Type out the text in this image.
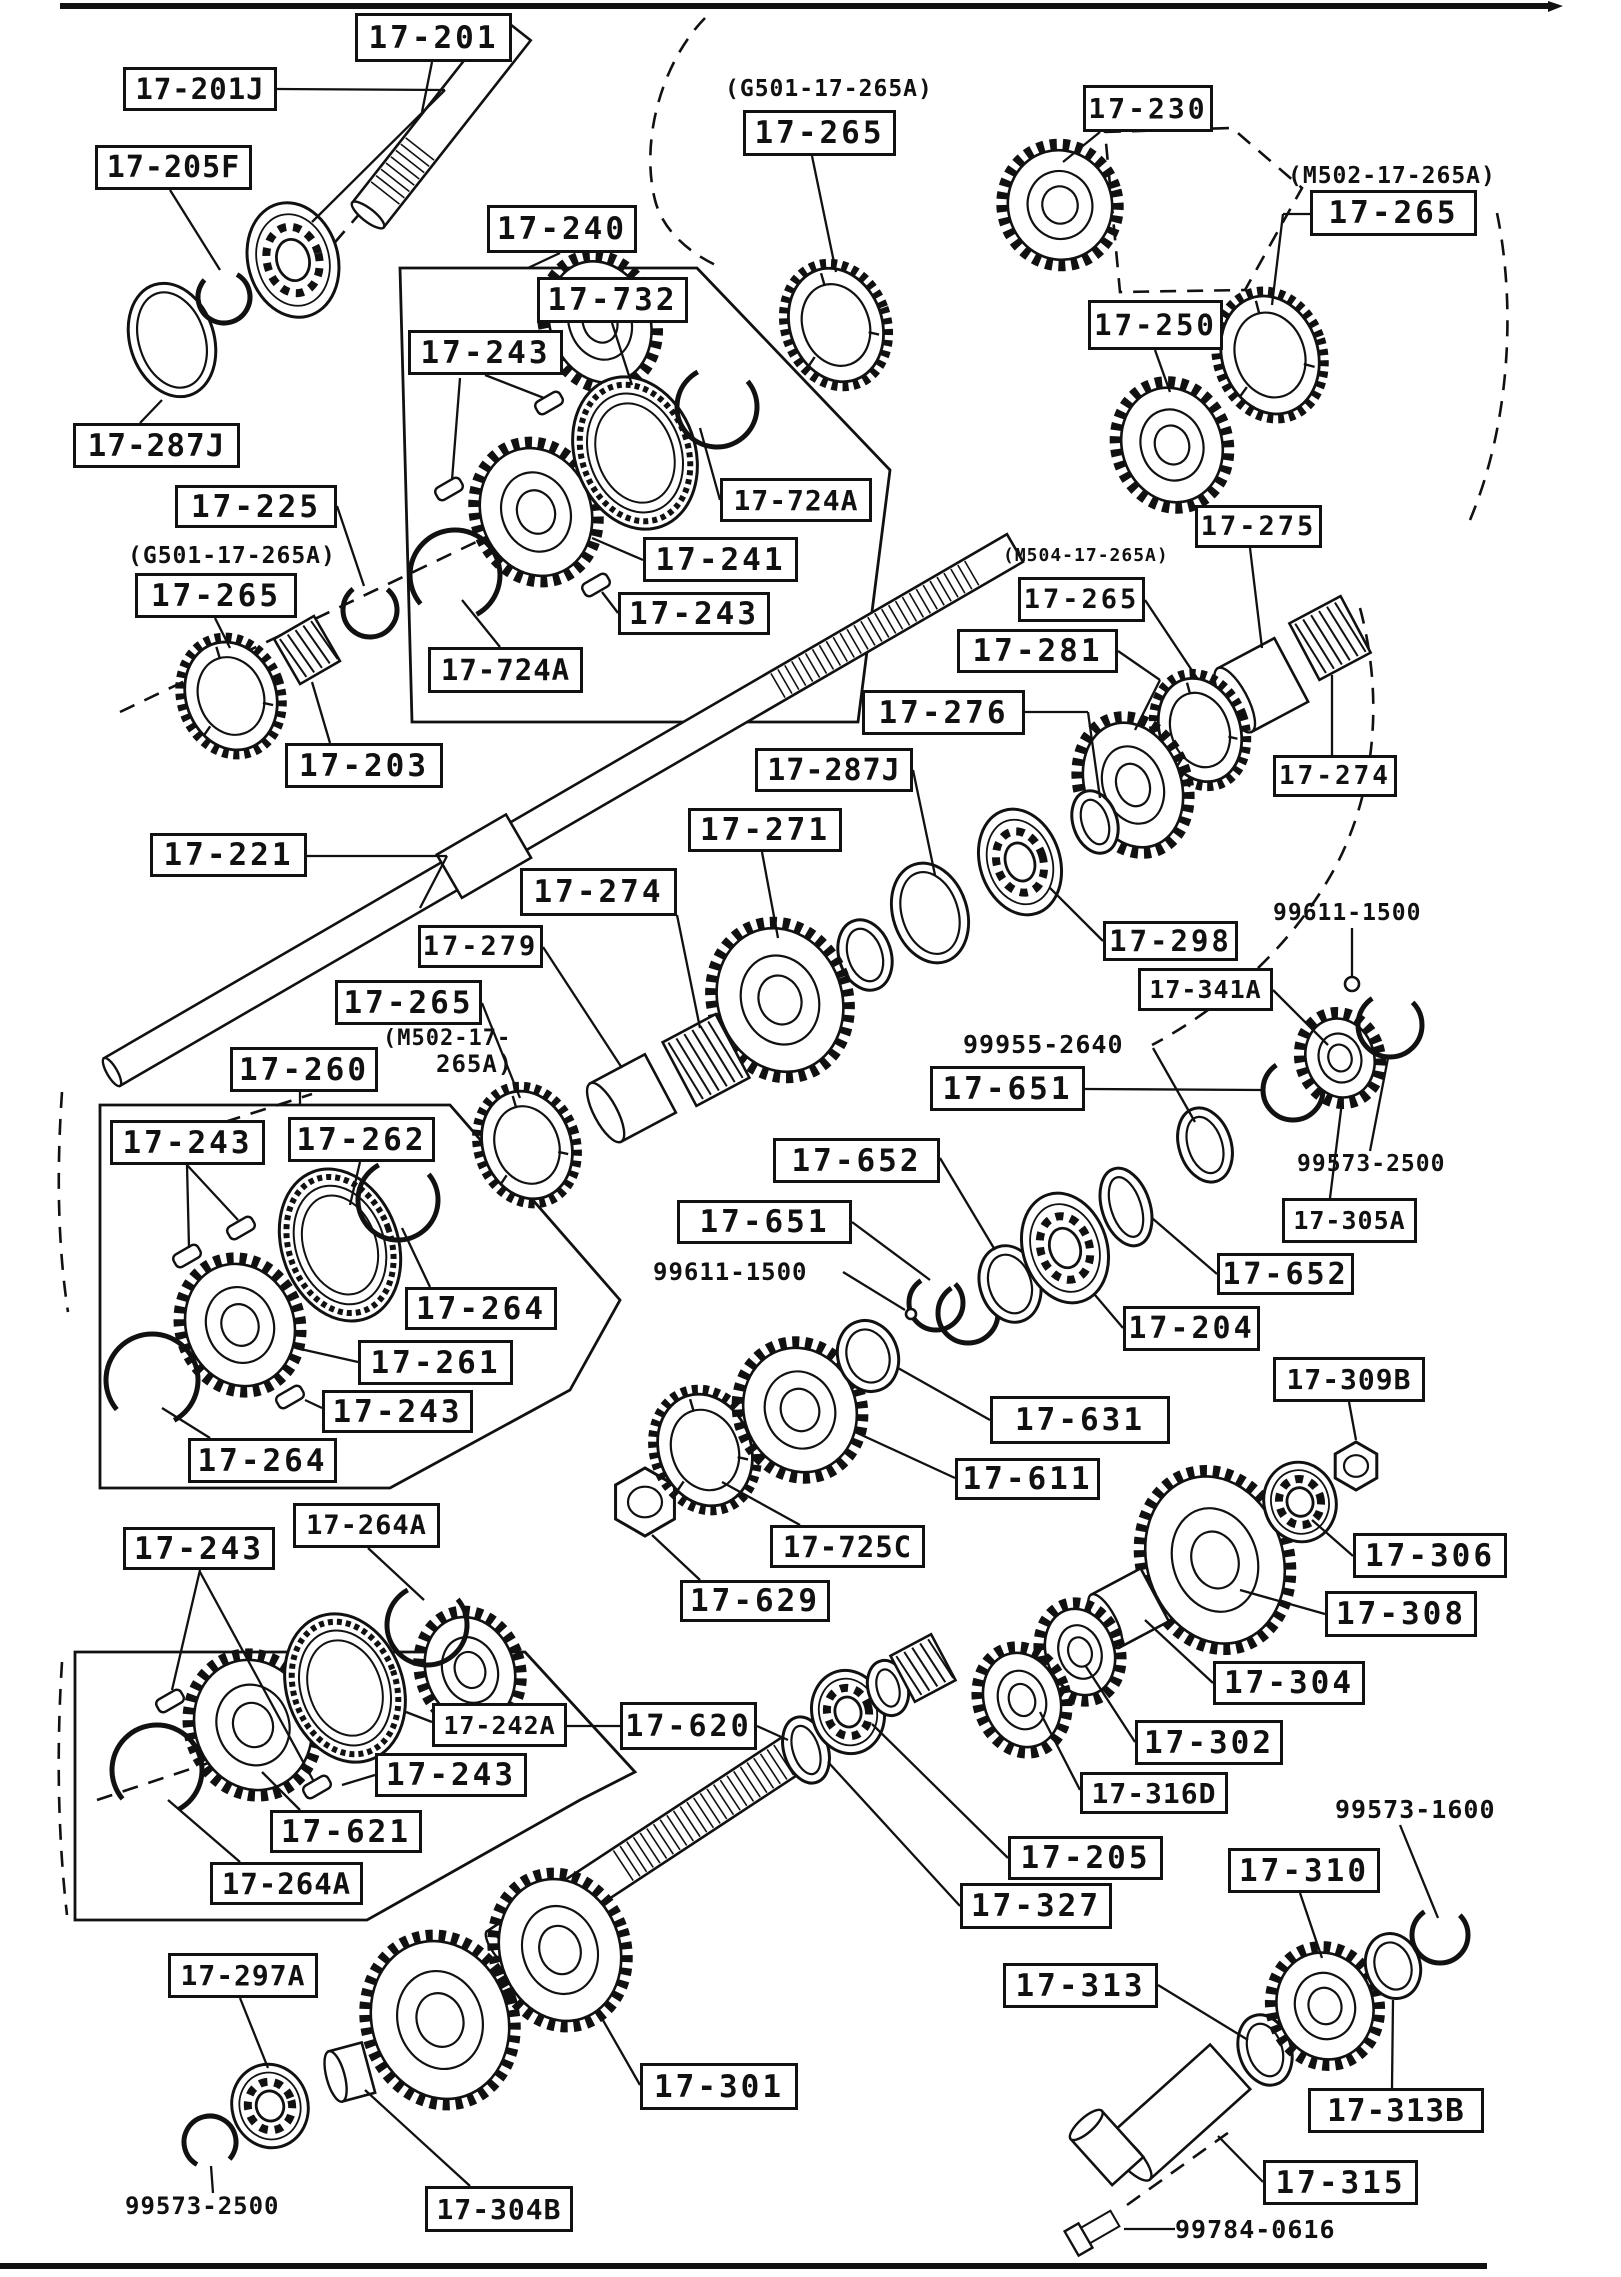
17-201
17-201J
17-205F
17-240
(G501-17-265A)
17-265
17-230
(M502-17-265A)
17-265
17-250
17-732
17-243
17-724A
17-241
17-243
17-724A
17-287J
17-225
(G501-17-265A)
17-265
17-203
17-221
17-275
(M504-17-265A)
17-265
17-281
17-276
17-274
17-298
99611-1500
17-341A
17-287J
17-271
17-274
17-279
17-265
(M502-17-
265A)
17-260
17-243	17-262
17-264
17-261
17-243
17-264
17-264A
17-243
17-242A
17-243
17-621
17-264A
17-297A
17-620
99611-1500
17-652
17-651
17-651
99955-2640
99573-2500
17-305A
17-652
17-204
17-309B
17-631
17-611
17-725C
17-629
17-306
17-308
17-304
17-302
17-316D	99573-1600
17-310
17-205
17-327
17-313
17-313B
17-315
99784-0616
17-301
17-304B
99573-2500
